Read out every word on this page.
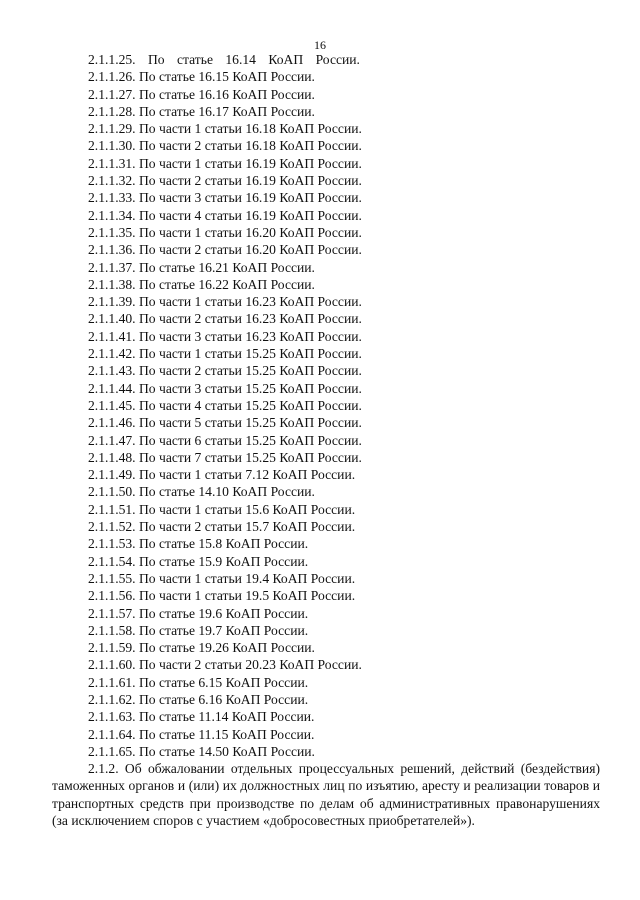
16
2.1.1.25. По статье 16.14 КоАП России.
2.1.1.26. По статье 16.15 КоАП России.
2.1.1.27. По статье 16.16 КоАП России.
2.1.1.28. По статье 16.17 КоАП России.
2.1.1.29. По части 1 статьи 16.18 КоАП России.
2.1.1.30. По части 2 статьи 16.18 КоАП России.
2.1.1.31. По части 1 статьи 16.19 КоАП России.
2.1.1.32. По части 2 статьи 16.19 КоАП России.
2.1.1.33. По части 3 статьи 16.19 КоАП России.
2.1.1.34. По части 4 статьи 16.19 КоАП России.
2.1.1.35. По части 1 статьи 16.20 КоАП России.
2.1.1.36. По части 2 статьи 16.20 КоАП России.
2.1.1.37. По статье 16.21 КоАП России.
2.1.1.38. По статье 16.22 КоАП России.
2.1.1.39. По части 1 статьи 16.23 КоАП России.
2.1.1.40. По части 2 статьи 16.23 КоАП России.
2.1.1.41. По части 3 статьи 16.23 КоАП России.
2.1.1.42. По части 1 статьи 15.25 КоАП России.
2.1.1.43. По части 2 статьи 15.25 КоАП России.
2.1.1.44. По части 3 статьи 15.25 КоАП России.
2.1.1.45. По части 4 статьи 15.25 КоАП России.
2.1.1.46. По части 5 статьи 15.25 КоАП России.
2.1.1.47. По части 6 статьи 15.25 КоАП России.
2.1.1.48. По части 7 статьи 15.25 КоАП России.
2.1.1.49. По части 1 статьи 7.12 КоАП России.
2.1.1.50. По статье 14.10 КоАП России.
2.1.1.51. По части 1 статьи 15.6 КоАП России.
2.1.1.52. По части 2 статьи 15.7 КоАП России.
2.1.1.53. По статье 15.8 КоАП России.
2.1.1.54. По статье 15.9 КоАП России.
2.1.1.55. По части 1 статьи 19.4 КоАП России.
2.1.1.56. По части 1 статьи 19.5 КоАП России.
2.1.1.57. По статье 19.6 КоАП России.
2.1.1.58. По статье 19.7 КоАП России.
2.1.1.59. По статье 19.26 КоАП России.
2.1.1.60. По части 2 статьи 20.23 КоАП России.
2.1.1.61. По статье 6.15 КоАП России.
2.1.1.62. По статье 6.16 КоАП России.
2.1.1.63. По статье 11.14 КоАП России.
2.1.1.64. По статье 11.15 КоАП России.
2.1.1.65. По статье 14.50 КоАП России.

2.1.2. Об обжаловании отдельных процессуальных решений, действий (бездействия) таможенных органов и (или) их должностных лиц по изъятию, аресту и реализации товаров и транспортных средств при производстве по делам об административных правонарушениях (за исключением споров с участием «добросовестных приобретателей»).
